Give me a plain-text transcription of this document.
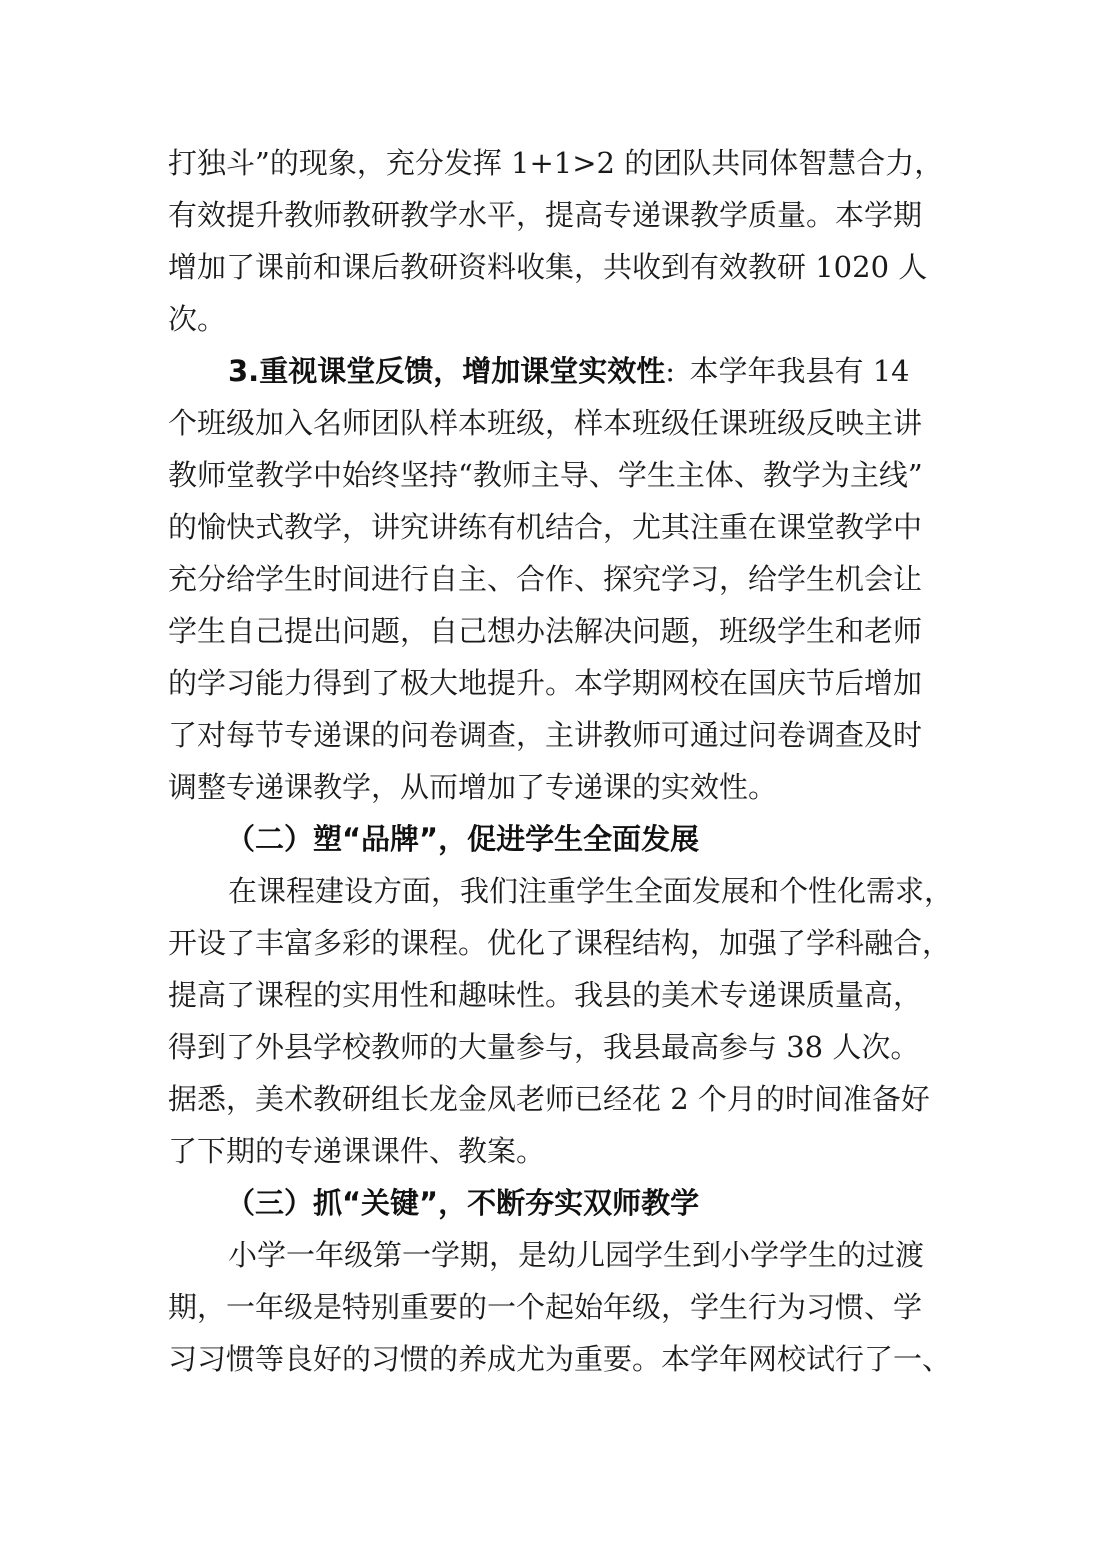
打独斗”的现象，充分发挥 1+1>2 的团队共同体智慧合力，
有效提升教师教研教学水平，提高专递课教学质量。本学期
增加了课前和课后教研资料收集，共收到有效教研 1020 人
次。
3.重视课堂反馈，增加课堂实效性:  本学年我县有 14
个班级加入名师团队样本班级，样本班级任课班级反映主讲
教师堂教学中始终坚持“教师主导、学生主体、教学为主线”
的愉快式教学，讲究讲练有机结合，尤其注重在课堂教学中
充分给学生时间进行自主、合作、探究学习，给学生机会让
学生自己提出问题，自己想办法解决问题，班级学生和老师
的学习能力得到了极大地提升。本学期网校在国庆节后增加
了对每节专递课的问卷调查，主讲教师可通过问卷调查及时
调整专递课教学，从而增加了专递课的实效性。
（二）塑“品牌”，促进学生全面发展
在课程建设方面，我们注重学生全面发展和个性化需求，
开设了丰富多彩的课程。优化了课程结构，加强了学科融合，
提高了课程的实用性和趣味性。我县的美术专递课质量高，
得到了外县学校教师的大量参与，我县最高参与 38 人次。
据悉，美术教研组长龙金凤老师已经花 2 个月的时间准备好
了下期的专递课课件、教案。
（三）抓“关键”，不断夯实双师教学
小学一年级第一学期，是幼儿园学生到小学学生的过渡
期，一年级是特别重要的一个起始年级，学生行为习惯、学
习习惯等良好的习惯的养成尤为重要。本学年网校试行了一、
